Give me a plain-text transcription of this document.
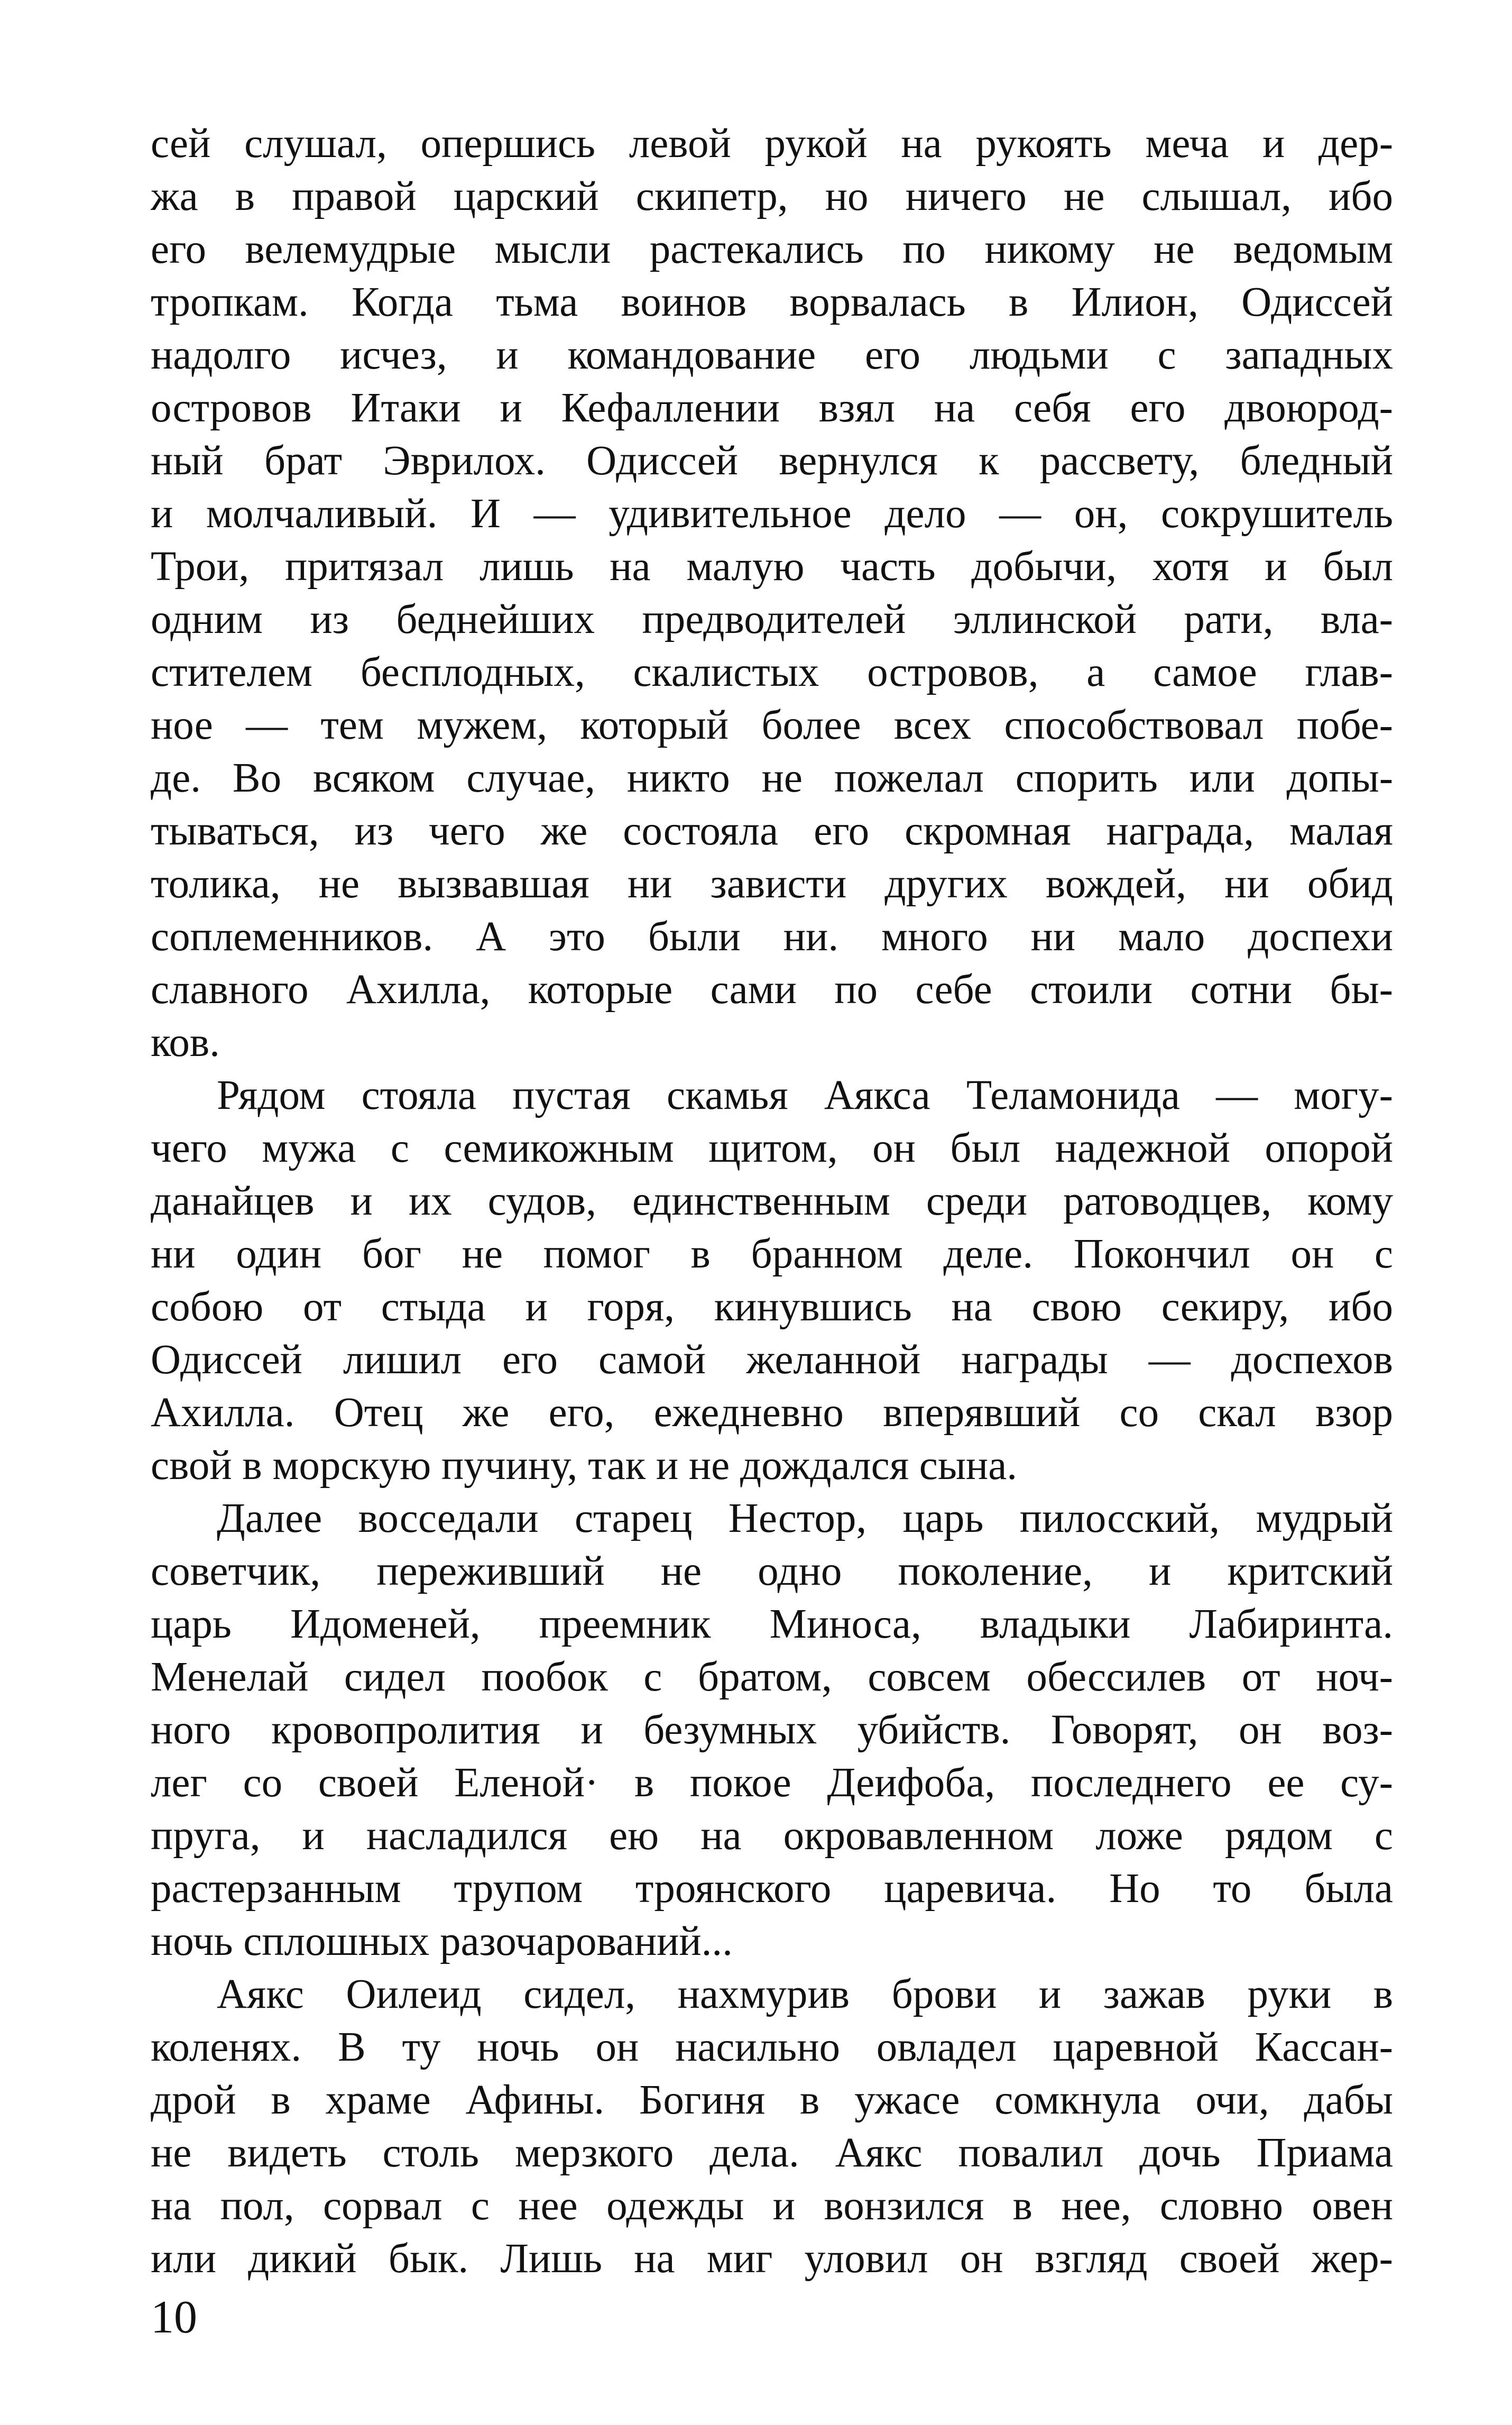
сей слушал, опершись левой рукой на рукоять меча и дер-
жа в правой царский скипетр, но ничего не слышал, ибо
его велемудрые мысли растекались по никому не ведомым
тропкам. Когда тьма воинов ворвалась в Илион, Одиссей
надолго исчез, и командование его людьми с западных
островов Итаки и Кефаллении взял на себя его двоюрод-
ный брат Эврилох. Одиссей вернулся к рассвету, бледный
и молчаливый. И — удивительное дело — он, сокрушитель
Трои, притязал лишь на малую часть добычи, хотя и был
одним из беднейших предводителей эллинской рати, вла-
стителем бесплодных, скалистых островов, а самое глав-
ное — тем мужем, который более всех способствовал побе-
де. Во всяком случае, никто не пожелал спорить или допы-
тываться, из чего же состояла его скромная награда, малая
толика, не вызвавшая ни зависти других вождей, ни обид
соплеменников. А это были ни. много ни мало доспехи
славного Ахилла, которые сами по себе стоили сотни бы-
ков.
Рядом стояла пустая скамья Аякса Теламонида — могу-
чего мужа с семикожным щитом, он был надежной опорой
данайцев и их судов, единственным среди ратоводцев, кому
ни один бог не помог в бранном деле. Покончил он с
собою от стыда и горя, кинувшись на свою секиру, ибо
Одиссей лишил его самой желанной награды — доспехов
Ахилла. Отец же его, ежедневно вперявший со скал взор
свой в морскую пучину, так и не дождался сына.
Далее восседали старец Нестор, царь пилосский, мудрый
советчик, переживший не одно поколение, и критский
царь Идоменей, преемник Миноса, владыки Лабиринта.
Менелай сидел пообок с братом, совсем обессилев от ноч-
ного кровопролития и безумных убийств. Говорят, он воз-
лег со своей Еленой· в покое Деифоба, последнего ее су-
пруга, и насладился ею на окровавленном ложе рядом с
растерзанным трупом троянского царевича. Но то была
ночь сплошных разочарований...
Аякс Оилеид сидел, нахмурив брови и зажав руки в
коленях. В ту ночь он насильно овладел царевной Кассан-
дрой в храме Афины. Богиня в ужасе сомкнула очи, дабы
не видеть столь мерзкого дела. Аякс повалил дочь Приама
на пол, сорвал с нее одежды и вонзился в нее, словно овен
или дикий бык. Лишь на миг уловил он взгляд своей жер-
10
